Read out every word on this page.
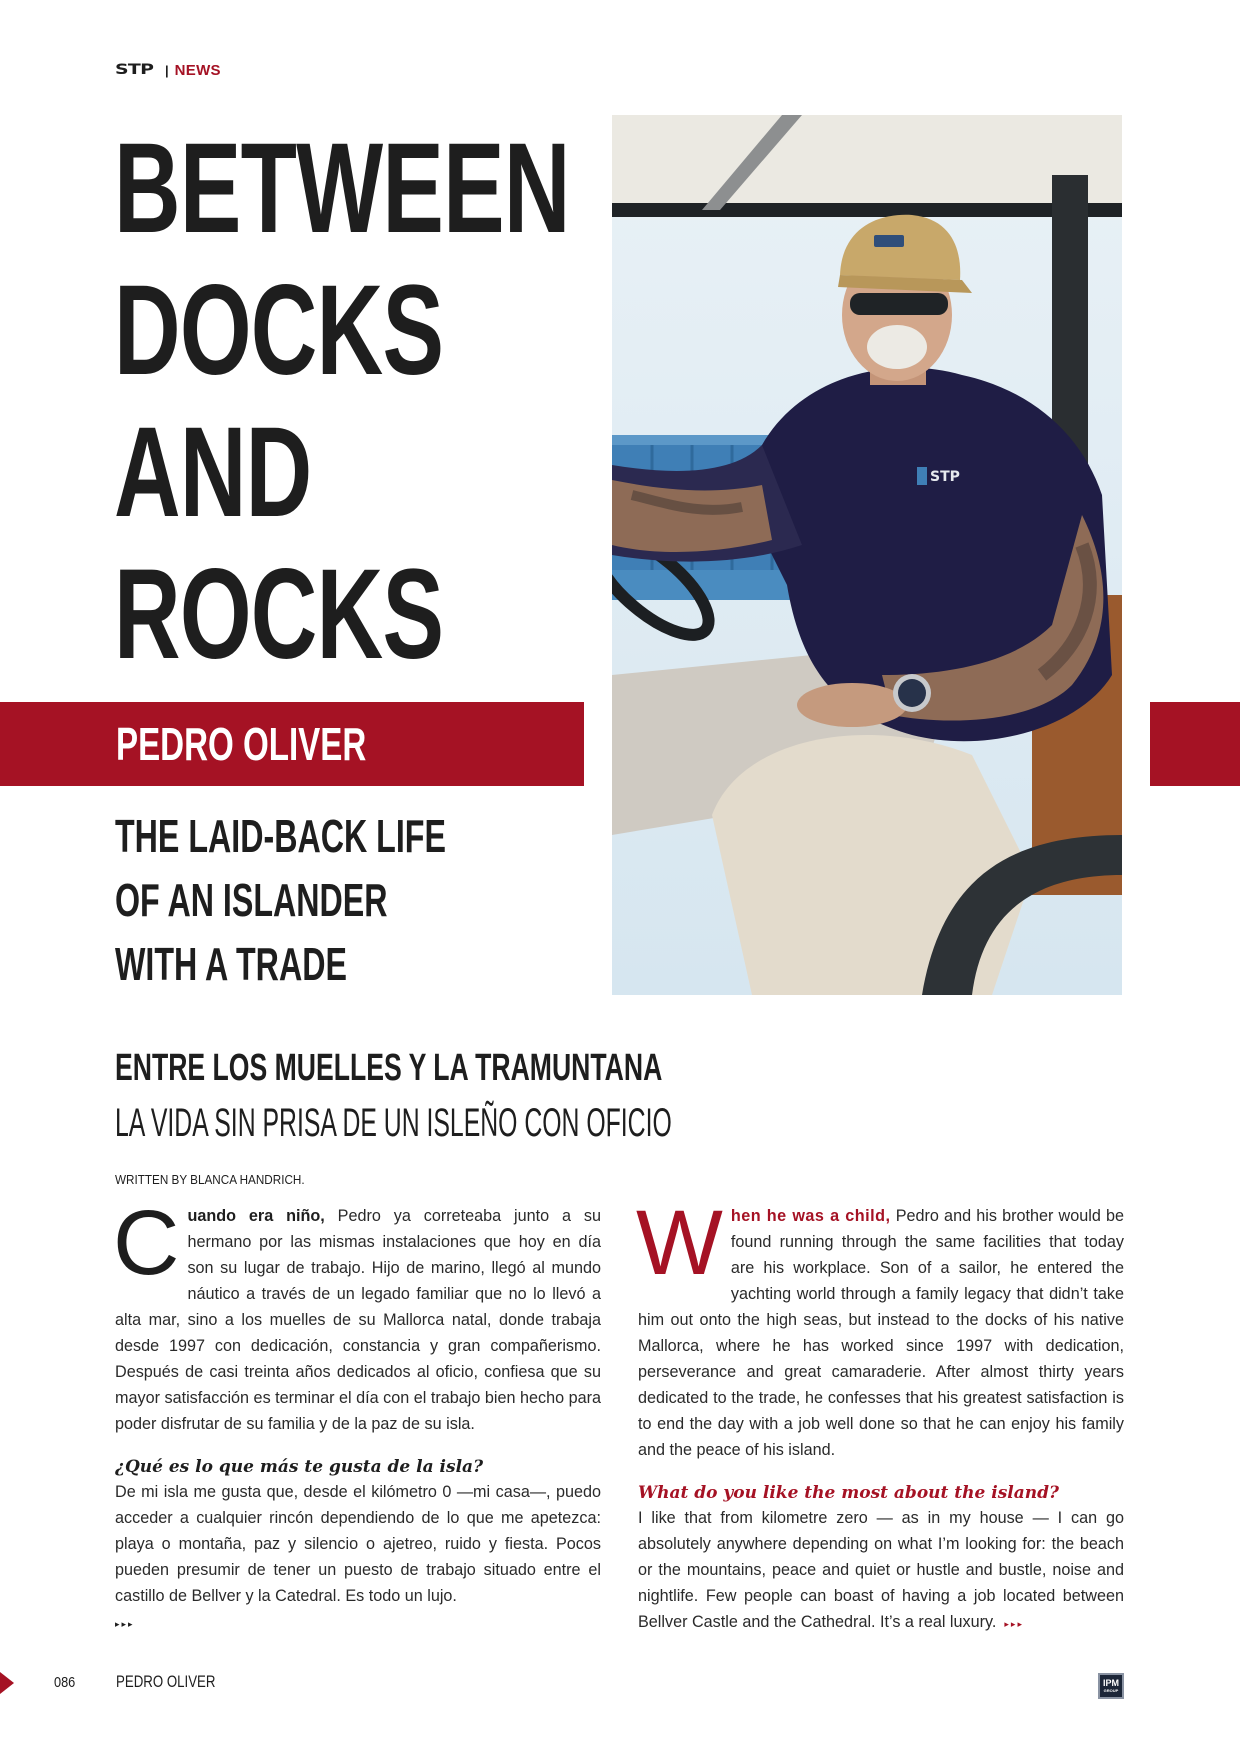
STP | NEWS
BETWEEN
DOCKS
AND
ROCKS
PEDRO OLIVER
THE LAID-BACK LIFE
OF AN ISLANDER
WITH A TRADE
STP
ENTRE LOS MUELLES Y LA TRAMUNTANA
LA VIDA SIN PRISA DE UN ISLEÑO CON OFICIO
WRITTEN BY BLANCA HANDRICH.

C uando era niño, Pedro ya correteaba junto a su hermano por las mismas instalaciones que hoy en día son su lugar de trabajo. Hijo de marino, llegó al mundo náutico a través de un legado familiar que no lo llevó a alta mar, sino a los muelles de su Mallorca natal, donde trabaja desde 1997 con dedicación, constancia y gran compañerismo. Después de casi treinta años dedicados al oficio, confiesa que su mayor satisfacción es terminar el día con el trabajo bien hecho para poder disfrutar de su familia y de la paz de su isla.

¿Qué es lo que más te gusta de la isla?

De mi isla me gusta que, desde el kilómetro 0 —mi casa—, puedo acceder a cualquier rincón dependiendo de lo que me apetezca: playa o montaña, paz y silencio o ajetreo, ruido y fiesta. Pocos pueden presumir de tener un puesto de trabajo situado entre el castillo de Bellver y la Catedral. Es todo un lujo.
▸▸▸

W hen he was a child, Pedro and his brother would be found running through the same facilities that today are his workplace. Son of a sailor, he entered the yachting world through a family legacy that didn’t take him out onto the high seas, but instead to the docks of his native Mallorca, where he has worked since 1997 with dedication, perseverance and great camaraderie. After almost thirty years dedicated to the trade, he confesses that his greatest satisfaction is to end the day with a job well done so that he can enjoy his family and the peace of his island.

What do you like the most about the island?

I like that from kilometre zero — as in my house — I can go absolutely anywhere depending on what I’m looking for: the beach or the mountains, peace and quiet or hustle and bustle, noise and nightlife. Few people can boast of having a job located between Bellver Castle and the Cathedral. It’s a real luxury. ▸▸▸

086 PEDRO OLIVER	IPM
GROUP
